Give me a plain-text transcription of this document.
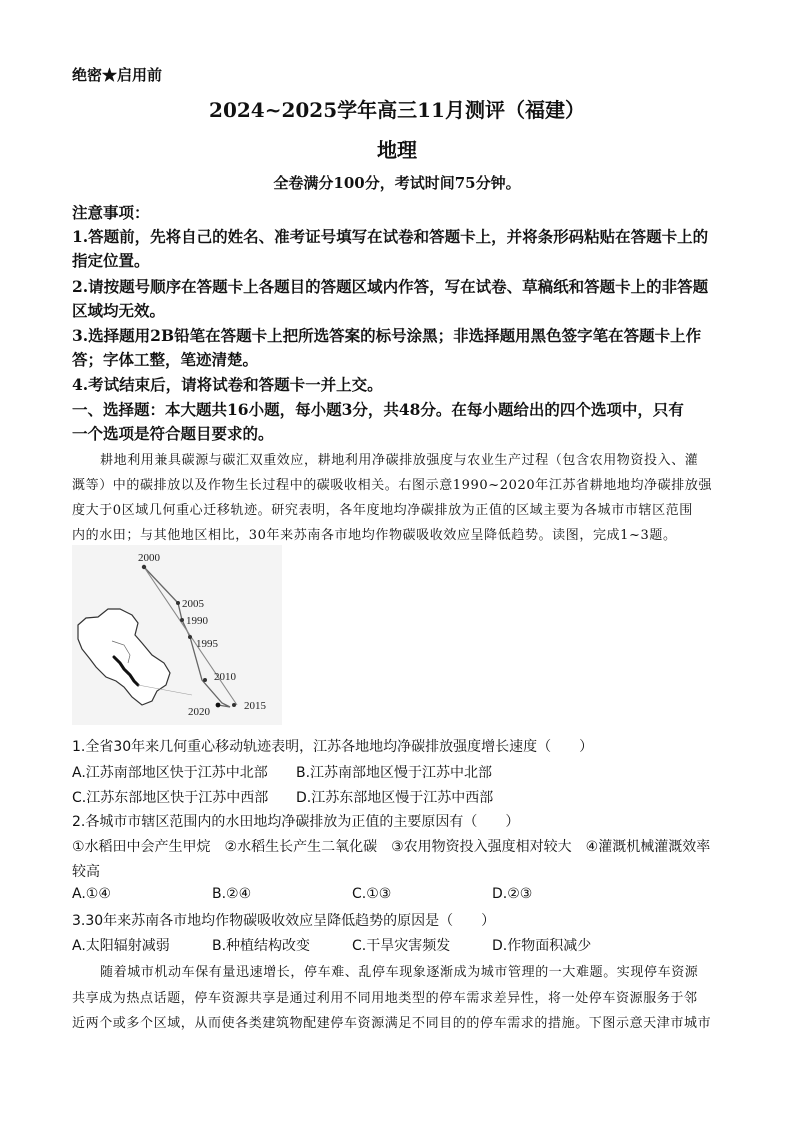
绝密★启用前
2024~2025学年高三11月测评（福建）
地理
全卷满分100分，考试时间75分钟。
注意事项：
1.答题前，先将自己的姓名、准考证号填写在试卷和答题卡上，并将条形码粘贴在答题卡上的
指定位置。
2.请按题号顺序在答题卡上各题目的答题区域内作答，写在试卷、草稿纸和答题卡上的非答题
区域均无效。
3.选择题用2B铅笔在答题卡上把所选答案的标号涂黑；非选择题用黑色签字笔在答题卡上作
答；字体工整，笔迹清楚。
4.考试结束后，请将试卷和答题卡一并上交。
一、选择题：本大题共16小题，每小题3分，共48分。在每小题给出的四个选项中，只有
一个选项是符合题目要求的。
耕地利用兼具碳源与碳汇双重效应，耕地利用净碳排放强度与农业生产过程（包含农用物资投入、灌
溉等）中的碳排放以及作物生长过程中的碳吸收相关。右图示意1990~2020年江苏省耕地地均净碳排放强
度大于0区域几何重心迁移轨迹。研究表明，各年度地均净碳排放为正值的区域主要为各城市市辖区范围
内的水田；与其他地区相比，30年来苏南各市地均作物碳吸收效应呈降低趋势。读图，完成1~3题。
2000
2005
1990
1995
2010
2015
2020
1.全省30年来几何重心移动轨迹表明，江苏各地地均净碳排放强度增长速度（　　）
A.江苏南部地区快于江苏中北部 B.江苏南部地区慢于江苏中北部
C.江苏东部地区快于江苏中西部 D.江苏东部地区慢于江苏中西部
2.各城市市辖区范围内的水田地均净碳排放为正值的主要原因有（　　）
①水稻田中会产生甲烷　②水稻生长产生二氧化碳　③农用物资投入强度相对较大　④灌溉机械灌溉效率
较高
A.①④	B.②④	C.①③	D.②③
3.30年来苏南各市地均作物碳吸收效应呈降低趋势的原因是（　　）
A.太阳辐射减弱	B.种植结构改变	C.干旱灾害频发	D.作物面积减少
随着城市机动车保有量迅速增长，停车难、乱停车现象逐渐成为城市管理的一大难题。实现停车资源
共享成为热点话题，停车资源共享是通过利用不同用地类型的停车需求差异性，将一处停车资源服务于邻
近两个或多个区域，从而使各类建筑物配建停车资源满足不同目的的停车需求的措施。下图示意天津市城市
